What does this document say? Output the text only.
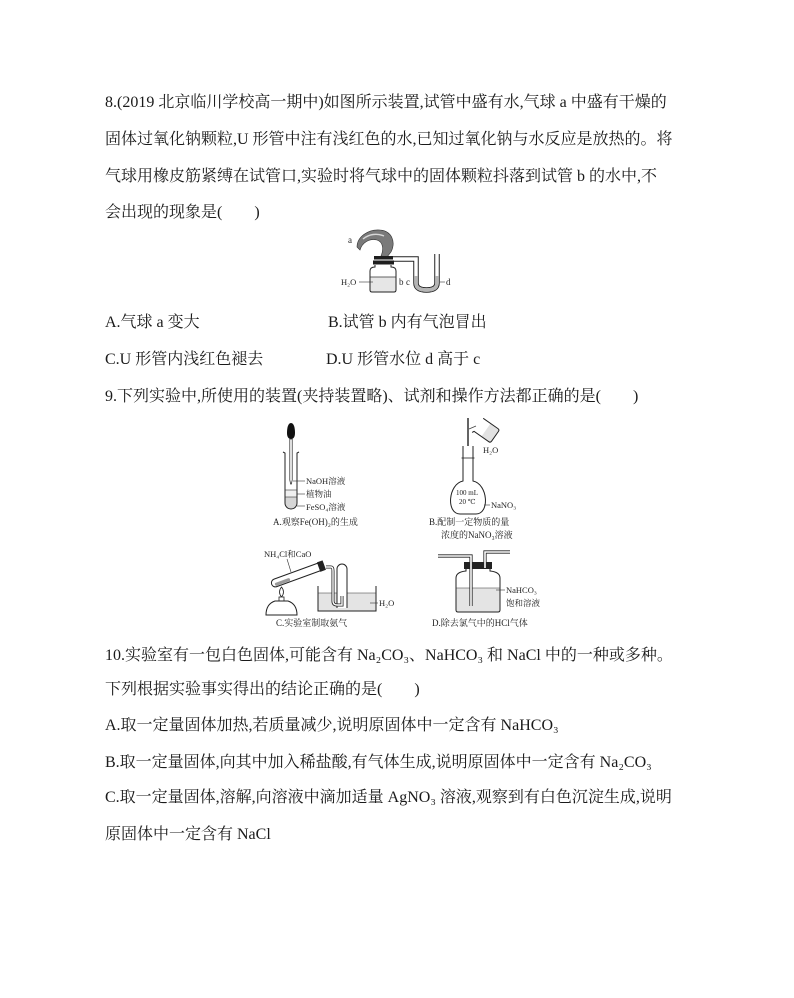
8.(2019 北京临川学校高一期中)如图所示装置,试管中盛有水,气球 a 中盛有干燥的
固体过氧化钠颗粒,U 形管中注有浅红色的水,已知过氧化钠与水反应是放热的。将
气球用橡皮筋紧缚在试管口,实验时将气球中的固体颗粒抖落到试管 b 的水中,不
会出现的现象是(　　)
a
H₂O	b c	d
A.气球 a 变大	B.试管 b 内有气泡冒出
C.U 形管内浅红色褪去	D.U 形管水位 d 高于 c
9.下列实验中,所使用的装置(夹持装置略)、试剂和操作方法都正确的是(　　)
NaOH溶液
植物油
FeSO₄溶液
A.观察Fe(OH)₂的生成
H₂O
100 mL
20 ℃ NaNO₃
B.配制一定物质的量
浓度的NaNO₃溶液
NH₄Cl和CaO
H₂O
C.实验室制取氨气
NaHCO₃
饱和溶液
D.除去氯气中的HCl气体
10.实验室有一包白色固体,可能含有 Na₂CO₃、NaHCO₃ 和 NaCl 中的一种或多种。
下列根据实验事实得出的结论正确的是(　　)
A.取一定量固体加热,若质量减少,说明原固体中一定含有 NaHCO₃
B.取一定量固体,向其中加入稀盐酸,有气体生成,说明原固体中一定含有 Na₂CO₃
C.取一定量固体,溶解,向溶液中滴加适量 AgNO₃ 溶液,观察到有白色沉淀生成,说明
原固体中一定含有 NaCl
